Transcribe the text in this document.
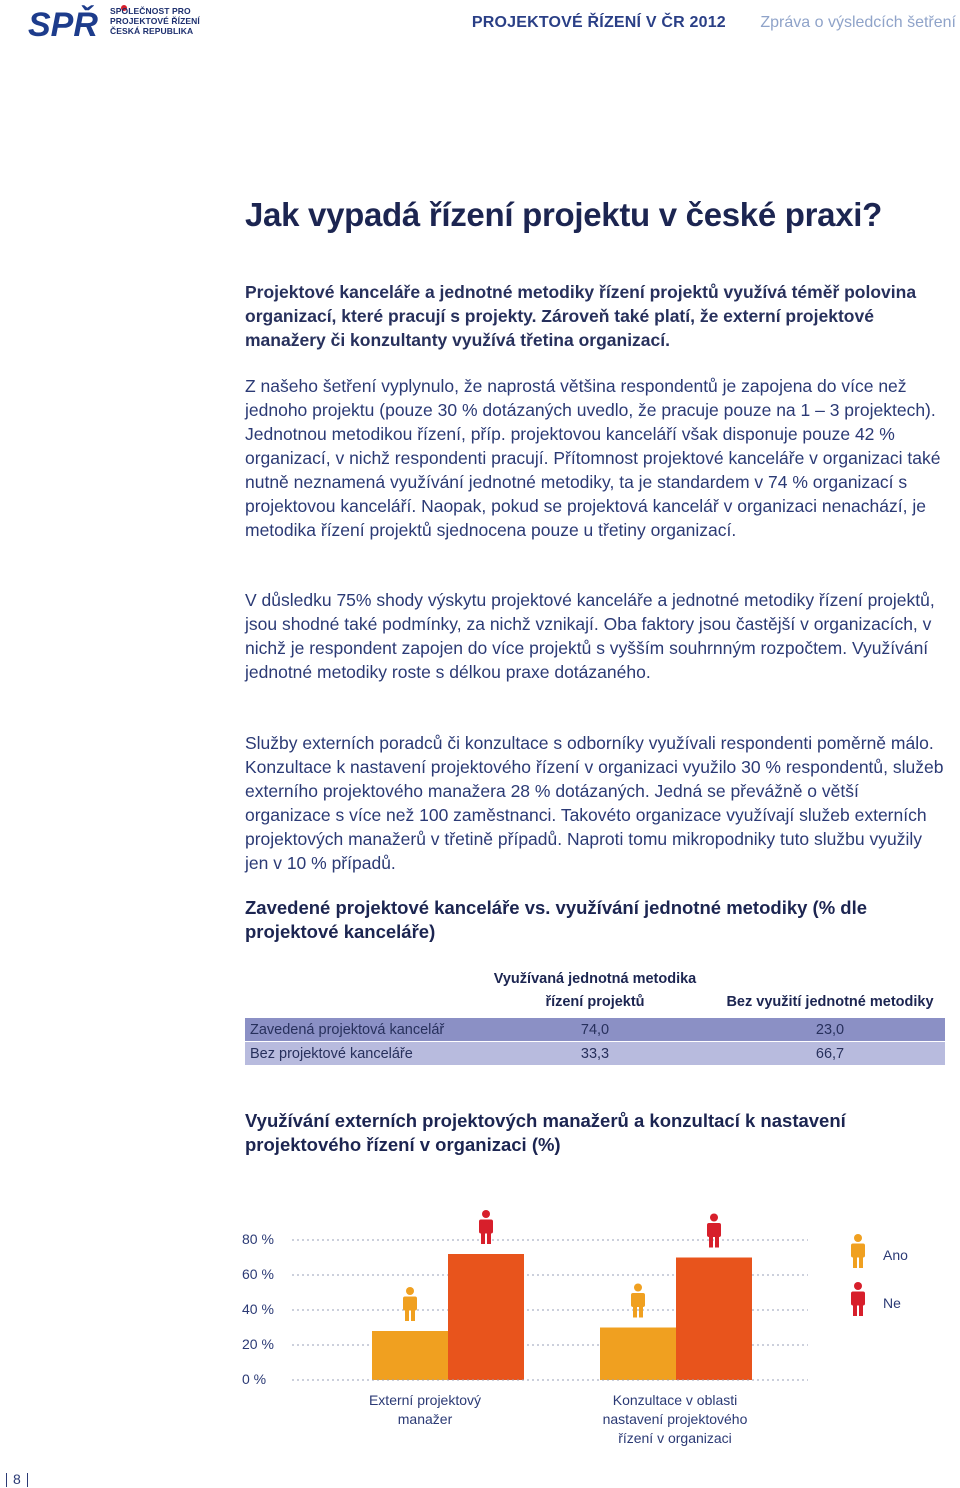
SPŘ SPOLEČNOST PRO
PROJEKTOVÉ ŘÍZENÍ
ČESKÁ REPUBLIKA	PROJEKTOVÉ ŘÍZENÍ V ČR 2012 Zpráva o výsledcích šetření
Jak vypadá řízení projektu v české praxi?

Projektové kanceláře a jednotné metodiky řízení projektů využívá téměř polovina organizací, které pracují s projekty. Zároveň také platí, že externí projektové manažery či konzultanty využívá třetina organizací.

Z našeho šetření vyplynulo, že naprostá většina respondentů je zapojena do více než jednoho projektu (pouze 30 % dotázaných uvedlo, že pracuje pouze na 1 – 3 projektech). Jednotnou metodikou řízení, příp. projektovou kanceláří však disponuje pouze 42 % organizací, v nichž respondenti pracují. Přítomnost projektové kanceláře v organizaci také nutně neznamená využívání jednotné metodiky, ta je standardem v 74 % organizací s projektovou kanceláří. Naopak, pokud se projektová kancelář v organizaci nenachází, je metodika řízení projektů sjednocena pouze u třetiny organizací.

V důsledku 75% shody výskytu projektové kanceláře a jednotné metodiky řízení projektů, jsou shodné také podmínky, za nichž vznikají. Oba faktory jsou častější v organizacích, v nichž je respondent zapojen do více projektů s vyšším souhrnným rozpočtem. Využívání jednotné metodiky roste s délkou praxe dotázaného.

Služby externích poradců či konzultace s odborníky využívali respondenti poměrně málo. Konzultace k nastavení projektového řízení v organizaci využilo 30 % respondentů, služeb externího projektového manažera 28 % dotázaných. Jedná se převážně o větší organizace s více než 100 zaměstnanci. Takovéto organizace využívají služeb externích projektových manažerů v třetině případů. Naproti tomu mikropodniky tuto službu využily jen v 10 % případů.

Zavedené projektové kanceláře vs. využívání jednotné metodiky (% dle projektové kanceláře)
	Využívaná jednotná metodika řízení projektů	Bez využití jednotné metodiky
Zavedená projektová kancelář	74,0	23,0
Bez projektové kanceláře	33,3	66,7
Využívání externích projektových manažerů a konzultací k nastavení projektového řízení v organizaci (%)
80 %
60 %
40 %
20 %
0 %
Externí projektový manažer
Konzultace v oblasti nastavení projektového řízení v organizaci
Ano
Ne
8
